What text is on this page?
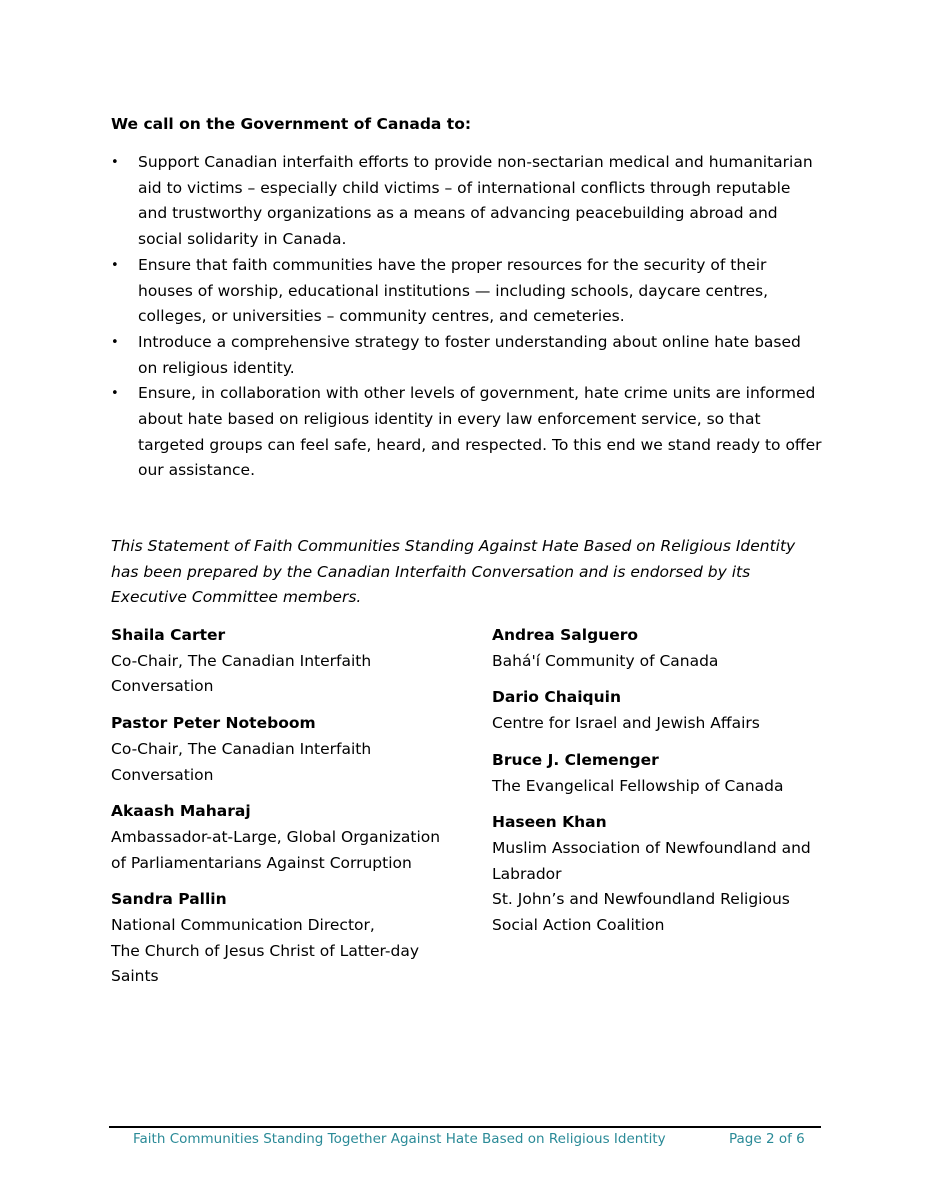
We call on the Government of Canada to:

• Support Canadian interfaith efforts to provide non-sectarian medical and humanitarian aid to victims – especially child victims – of international conflicts through reputable and trustworthy organizations as a means of advancing peacebuilding abroad and social solidarity in Canada.
• Ensure that faith communities have the proper resources for the security of their houses of worship, educational institutions — including schools, daycare centres, colleges, or universities – community centres, and cemeteries.
• Introduce a comprehensive strategy to foster understanding about online hate based on religious identity.
• Ensure, in collaboration with other levels of government, hate crime units are informed about hate based on religious identity in every law enforcement service, so that targeted groups can feel safe, heard, and respected. To this end we stand ready to offer our assistance.

This Statement of Faith Communities Standing Against Hate Based on Religious Identity has been prepared by the Canadian Interfaith Conversation and is endorsed by its Executive Committee members.

Shaila Carter
Co-Chair, The Canadian Interfaith
Conversation
Pastor Peter Noteboom
Co-Chair, The Canadian Interfaith
Conversation
Akaash Maharaj
Ambassador-at-Large, Global Organization
of Parliamentarians Against Corruption
Sandra Pallin
National Communication Director,
The Church of Jesus Christ of Latter-day
Saints
Andrea Salguero
Bahá'í Community of Canada
Dario Chaiquin
Centre for Israel and Jewish Affairs
Bruce J. Clemenger
The Evangelical Fellowship of Canada
Haseen Khan
Muslim Association of Newfoundland and
Labrador
St. John’s and Newfoundland Religious
Social Action Coalition
Faith Communities Standing Together Against Hate Based on Religious Identity	Page 2 of 6
